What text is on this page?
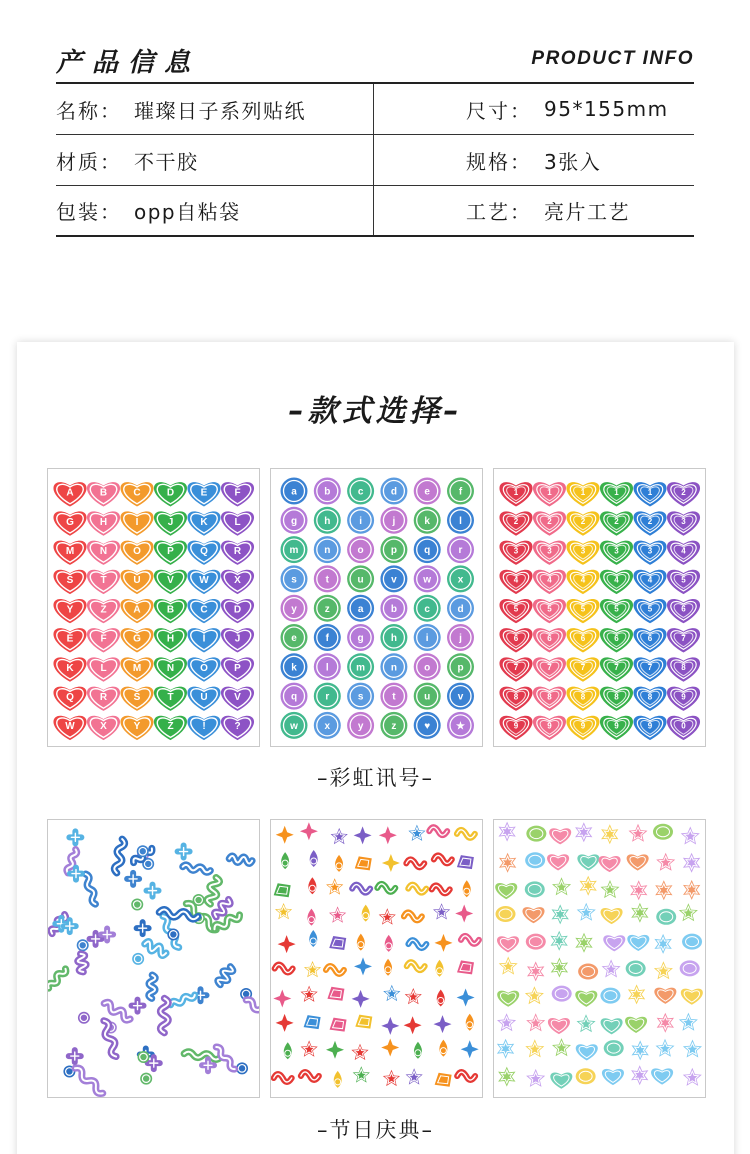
产品信息	PRODUCT INFO
名称： 璀璨日子系列贴纸	尺寸： 95*155mm
材质： 不干胶	规格： 3张入
包装： opp自粘袋	工艺： 亮片工艺
–款式选择–
A	B	C	D	E	F
G	H	I	J	K	L
M	N	O	P	Q	R
S	T	U	V	W	X
Y	Z	A	B	C	D
E	F	G	H	I	J
K	L	M	N	O	P
Q	R	S	T	U	V
W	X	Y	Z	!	?
a	b	c	d	e	f
g	h	i	j	k	l
m	n	o	p	q	r
s	t	u	v	w	x
y	z	a	b	c	d
e	f	g	h	i	j
k	l	m	n	o	p
q	r	s	t	u	v
w	x	y	z	♥	★
1	1	1	1	1	2
2	2	2	2	2	3
3	3	3	3	3	4
4	4	4	4	4	5
5	5	5	5	5	6
6	6	6	6	6	7
7	7	7	7	7	8
8	8	8	8	8	9
9	9	9	9	9	0
–彩虹讯号–
–节日庆典–
